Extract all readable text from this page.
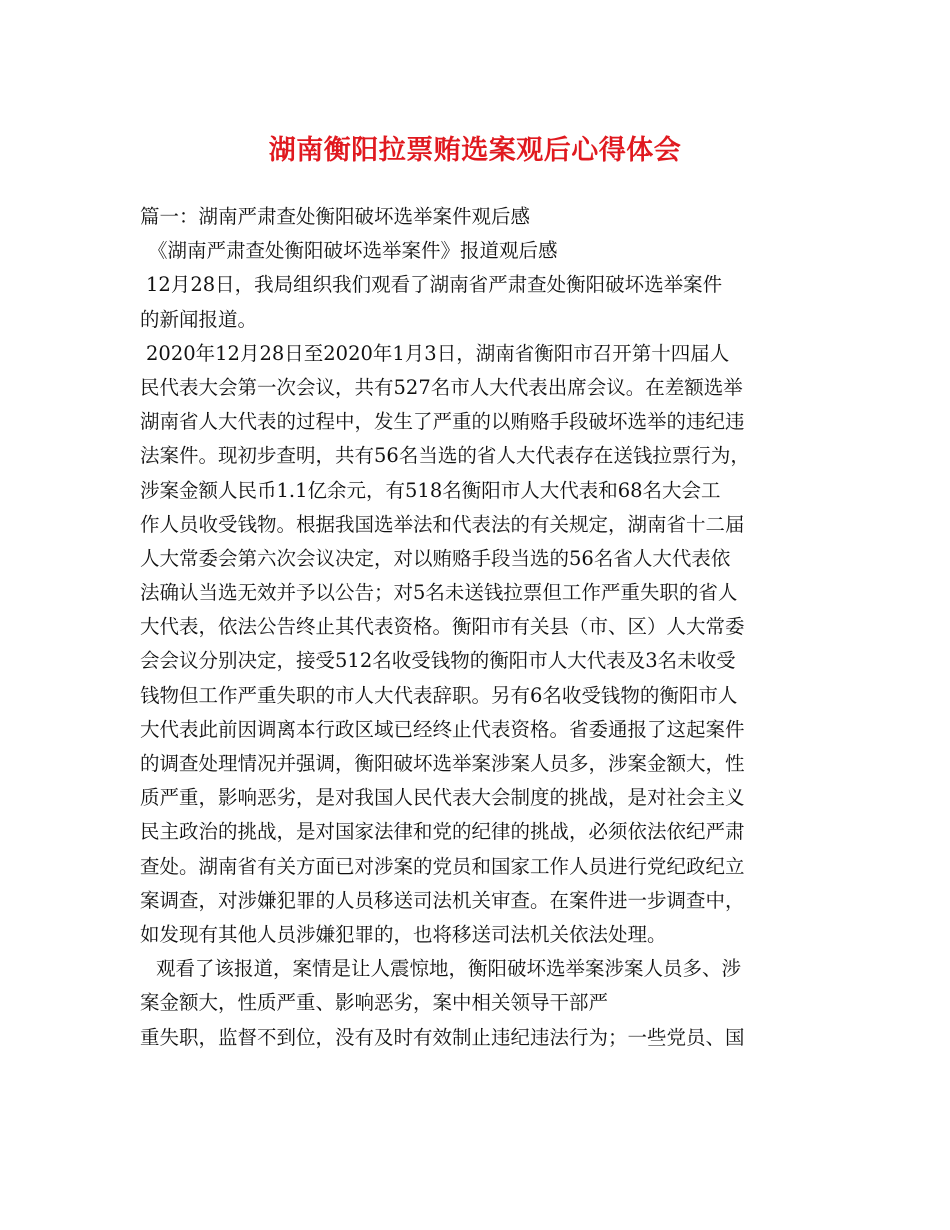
湖南衡阳拉票贿选案观后心得体会
篇一：湖南严肃查处衡阳破坏选举案件观后感
《湖南严肃查处衡阳破坏选举案件》报道观后感
12月28日，我局组织我们观看了湖南省严肃查处衡阳破坏选举案件
的新闻报道。
2020年12月28日至2020年1月3日，湖南省衡阳市召开第十四届人
民代表大会第一次会议，共有527名市人大代表出席会议。在差额选举
湖南省人大代表的过程中，发生了严重的以贿赂手段破坏选举的违纪违
法案件。现初步查明，共有56名当选的省人大代表存在送钱拉票行为，
涉案金额人民币1.1亿余元，有518名衡阳市人大代表和68名大会工
作人员收受钱物。根据我国选举法和代表法的有关规定，湖南省十二届
人大常委会第六次会议决定，对以贿赂手段当选的56名省人大代表依
法确认当选无效并予以公告；对5名未送钱拉票但工作严重失职的省人
大代表，依法公告终止其代表资格。衡阳市有关县（市、区）人大常委
会会议分别决定，接受512名收受钱物的衡阳市人大代表及3名未收受
钱物但工作严重失职的市人大代表辞职。另有6名收受钱物的衡阳市人
大代表此前因调离本行政区域已经终止代表资格。省委通报了这起案件
的调查处理情况并强调，衡阳破坏选举案涉案人员多，涉案金额大，性
质严重，影响恶劣，是对我国人民代表大会制度的挑战，是对社会主义
民主政治的挑战，是对国家法律和党的纪律的挑战，必须依法依纪严肃
查处。湖南省有关方面已对涉案的党员和国家工作人员进行党纪政纪立
案调查，对涉嫌犯罪的人员移送司法机关审查。在案件进一步调查中，
如发现有其他人员涉嫌犯罪的，也将移送司法机关依法处理。
观看了该报道，案情是让人震惊地，衡阳破坏选举案涉案人员多、涉
案金额大，性质严重、影响恶劣，案中相关领导干部严
重失职，监督不到位，没有及时有效制止违纪违法行为；一些党员、国
